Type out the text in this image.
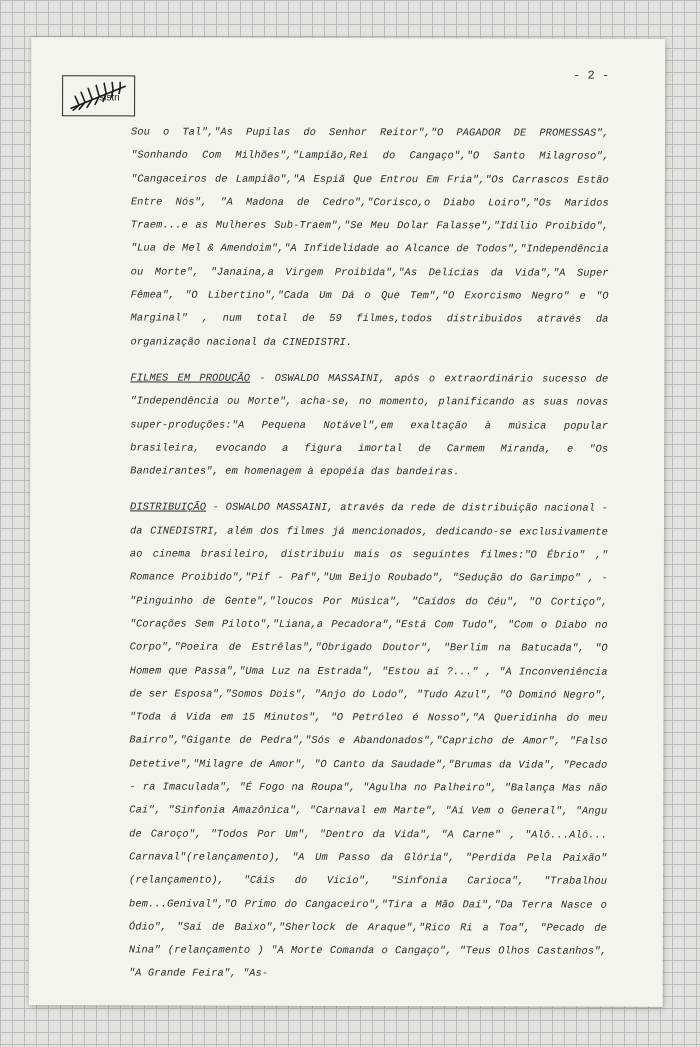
sistri
- 2 -

Sou o Tal","As Pupilas do Senhor Reitor","O PAGADOR DE PROMESSAS", "Sonhando Com Milhões","Lampião,Rei do Cangaço","O Santo Milagroso", "Cangaceiros de Lampião","A Espiã Que Entrou Em Fria","Os Carrascos Estão Entre Nós", "A Madona de Cedro","Corisco,o Diabo Loiro","Os Maridos Traem...e as Mulheres Sub-Traem","Se Meu Dolar Falasse","Idílio Proibido", "Lua de Mel & Amendoim","A Infidelidade ao Alcance de Todos","Independência ou Morte", "Janaina,a Virgem Proibida","As Delícias da Vida","A Super Fêmea", "O Libertino","Cada Um Dá o Que Tem","O Exorcismo Negro" e "O Marginal" , num total de 59 filmes,todos distribuidos através da organização nacional da CINEDISTRI.

FILMES EM PRODUÇÃO - OSWALDO MASSAINI, após o extraordinário sucesso de "Independência ou Morte", acha-se, no momento, planificando as suas novas super-produções:"A Pequena Notável",em exaltação à música popular brasileira, evocando a figura imortal de Carmem Miranda, e "Os Bandeirantes", em homenagem à epopéia das bandeiras.

DISTRIBUIÇÃO - OSWALDO MASSAINI, através da rede de distribuição nacional - da CINEDISTRI, além dos filmes já mencionados, dedicando-se exclusivamente ao cinema brasileiro, distribuiu mais os seguintes filmes:"O Ébrio" ," Romance Proibido","Pif - Paf","Um Beijo Roubado", "Sedução do Garimpo" , -"Pinguinho de Gente","loucos Por Música", "Caídos do Céu", "O Cortiço", "Corações Sem Piloto","Liana,a Pecadora","Está Com Tudo", "Com o Diabo no Corpo","Poeira de Estrêlas","Obrigado Doutor", "Berlim na Batucada", "O Homem que Passa","Uma Luz na Estrada", "Estou aí ?..." , "A Inconveniência de ser Esposa","Somos Dois", "Anjo do Lodo", "Tudo Azul", "O Dominó Negro", "Toda á Vida em 15 Minutos", "O Petróleo é Nosso","A Queridinha do meu Bairro","Gigante de Pedra","Sós e Abandonados","Capricho de Amor", "Falso Detetive","Milagre de Amor", "O Canto da Saudade","Brumas da Vida", "Pecado - ra Imaculada", "É Fogo na Roupa", "Agulha no Palheiro", "Balança Mas não Cai", "Sinfonia Amazônica", "Carnaval em Marte", "Aí Vem o General", "Angu de Caroço", "Todos Por Um", "Dentro da Vida", "A Carne" , "Alô...Alô... Carnaval"(relançamento), "A Um Passo da Glória", "Perdida Pela Paixão" (relançamento), "Cáis do Vicio", "Sinfonia Carioca", "Trabalhou bem...Genival","O Primo do Cangaceiro","Tira a Mão Daí","Da Terra Nasce o Ódio", "Sai de Baixo","Sherlock de Araque","Rico Ri a Toa", "Pecado de Nina" (relançamento ) "A Morte Comanda o Cangaço", "Teus Olhos Castanhos", "A Grande Feira", "As-
